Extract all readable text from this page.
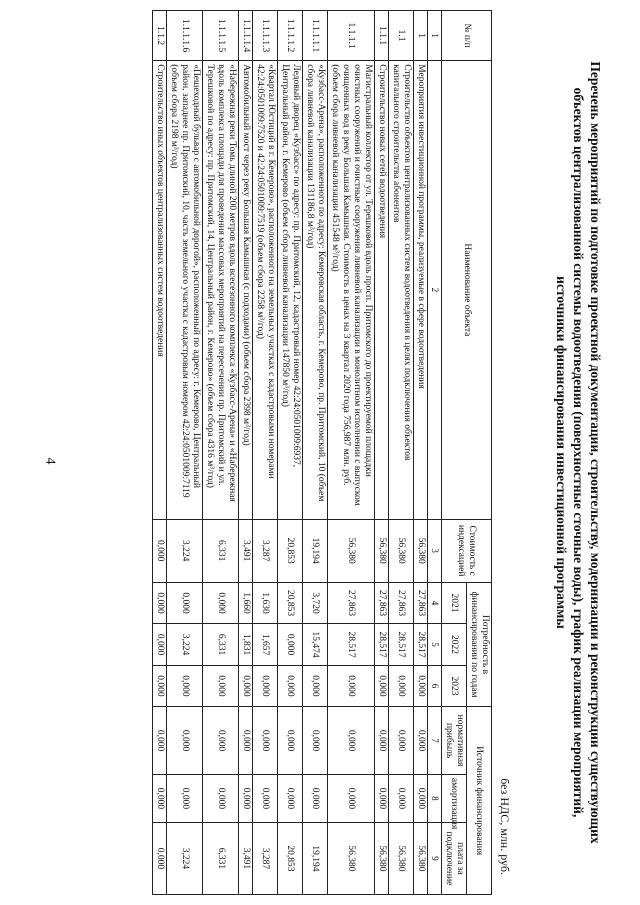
4	Перечень мероприятий по подготовке проектной документации, строительству, модернизации и реконструкции существующих объектов централизованной системы водоотведения (поверхностные сточные воды), график реализации мероприятий, источники финансирования инвестиционной программы
без НДС, млн. руб.
№ п/п	Наименование объекта	Стоимость с индексацией	Потребность в финансировании по годам			Источник финансирования		
			2021	2022	2023	нормативная прибыль	амортизация	плата за подключение
1	2	3	4	5	6	7	8	9
1	Мероприятия инвестиционной программы, реализуемые в сфере водоотведения	56,380	27,863	28,517	0,000	0,000	0,000	56,380
1.1	Строительство объектов централизованных систем водоотведения в целях подключения объектов капитального строительства абонентов	56,380	27,863	28,517	0,000	0,000	0,000	56,380
1.1.1	Строительство новых сетей водоотведения	56,380	27,863	28,517	0,000	0,000	0,000	56,380
1.1.1.1	Магистральный коллектор от ул. Терешковой вдоль просп. Притомского до проектируемой площадки очистных сооружений и очистные сооружения ливневой канализации в монолитном исполнении с выпуском очищенных вод в реку Большая Камышная. Стоимость в ценах на 3 квартал 2020 года 756,987 млн. руб. (объем сбора ливневой канализации 451548 м³/год)	56,380	27,863	28,517	0,000	0,000	0,000	56,380
1.1.1.1.1	«Кузбасс-Арена», расположенного по адресу: Кемеровская область, г. Кемерово, пр. Притомский, 10 (объем сбора ливневой канализации 131186,8 м³/год)	19,194	3,720	15,474	0,000	0,000	0,000	19,194
1.1.1.1.2	Ледовый дворец «Кузбасс» по адресу: пр. Притомский, 12, кадастровый номер 42:24:0501009:6937, Центральный район, г. Кемерово (объем сбора ливневой канализации 147850 м³/год)	20,853	20,853	0,000	0,000	0,000	0,000	20,853
1.1.1.1.3	«Квартал Юстиций в г. Кемерово», расположенного на земельных участках с кадастровыми номерами 42:24:0501009:7520 и 42:24:0501009:7519 (объем сбора 2258 м³/год)	3,287	1,630	1,657	0,000	0,000	0,000	3,287
1.1.1.1.4	Автомобильный мост через реку Большая Камышная (с подходами) (объем сбора 2398 м³/год)	3,491	1,660	1,831	0,000	0,000	0,000	3,491
1.1.1.1.5	«Набережная реки Томь длиной 200 метров вдоль всесезонного комплекса «Кузбасс-Арена» и «Набережная вдоль комплекса площади для проведения массовых мероприятий на пересечении пр. Притомский и ул. Терешковой по адресу: пр. Притомский, 14, Центральный район, г. Кемерово» (объем сбора 4316 м³/год)	6,331	0,000	6,331	0,000	0,000	0,000	6,331
1.1.1.1.6	«Пешеходный бульвар с автомобильной дорогой», расположенный по адресу: г. Кемерово, Центральный район, западнее пр. Притомский, 10, часть земельного участка с кадастровым номером 42:24:0501009:7119 (объем сбора 2198 м³/год)	3,224	0,000	3,224	0,000	0,000	0,000	3,224
1.1.2	Строительство иных объектов централизованных систем водоотведения	0,000	0,000	0,000	0,000	0,000	0,000	0,000
